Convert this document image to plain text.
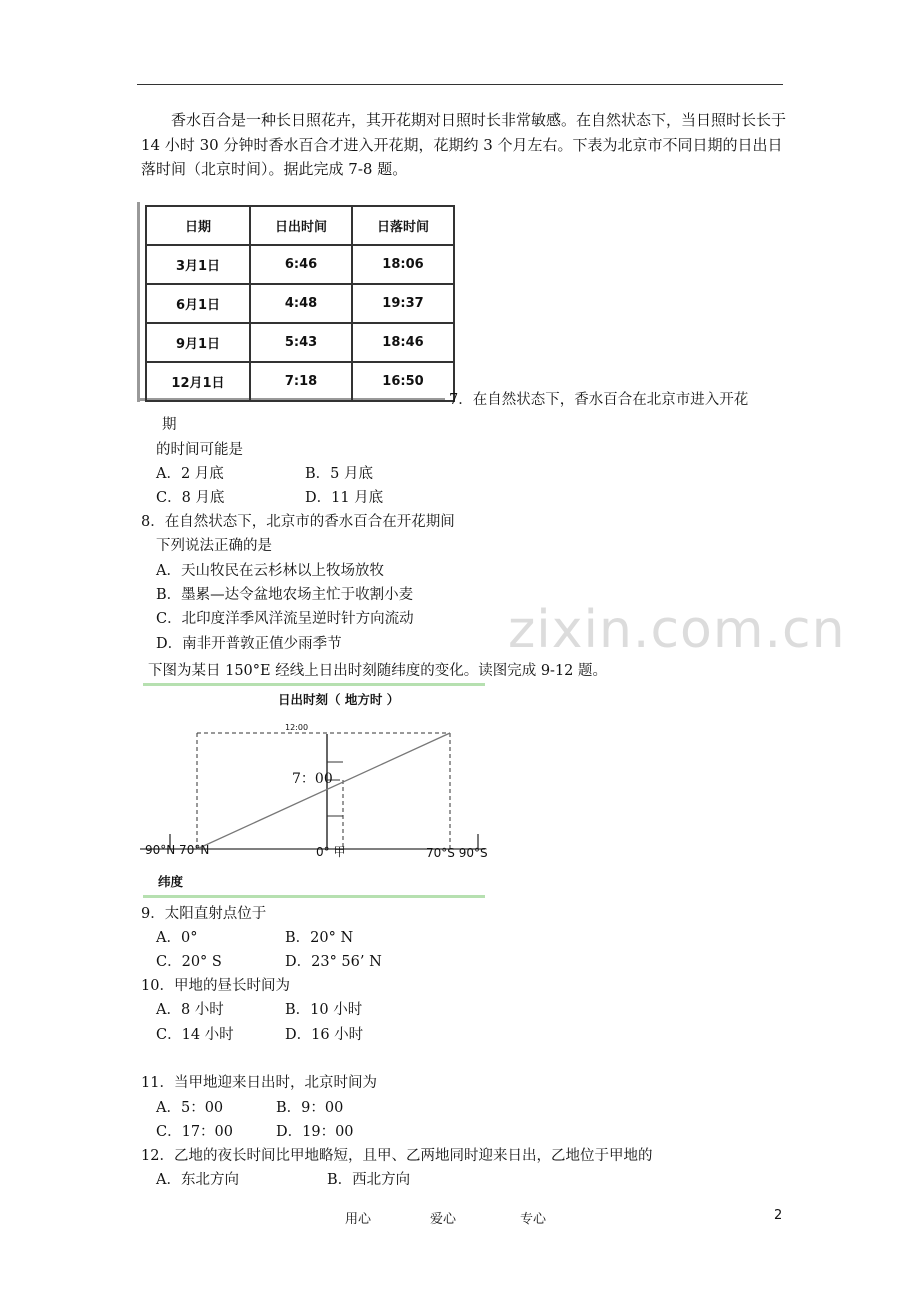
香水百合是一种长日照花卉，其开花期对日照时长非常敏感。在自然状态下，当日照时长长于 14 小时 30 分钟时香水百合才进入开花期，花期约 3 个月左右。下表为北京市不同日期的日出日落时间（北京时间）。据此完成 7-8 题。
日期	日出时间	日落时间
3月1日	6:46	18:06
6月1日	4:48	19:37
9月1日	5:43	18:46
12月1日	7:18	16:50
7．在自然状态下，香水百合在北京市进入开花
期
的时间可能是
A．2 月底	B．5 月底
C．8 月底	D．11 月底
8．在自然状态下，北京市的香水百合在开花期间
下列说法正确的是
A．天山牧民在云杉林以上牧场放牧
B．墨累—达令盆地农场主忙于收割小麦
C．北印度洋季风洋流呈逆时针方向流动
D．南非开普敦正值少雨季节	zixin.com.cn
下图为某日 150°E 经线上日出时刻随纬度的变化。读图完成 9-12 题。
日出时刻（ 地方时 ）
12:00
7：00
90°N 70°N	0° 甲	70°S 90°S
纬度
9．太阳直射点位于
A．0°	B．20° N
C．20° S	D．23° 56’ N
10．甲地的昼长时间为
A．8 小时	B．10 小时
C．14 小时	D．16 小时
11．当甲地迎来日出时，北京时间为
A．5：00	B．9：00
C．17：00	D．19：00
12．乙地的夜长时间比甲地略短，且甲、乙两地同时迎来日出，乙地位于甲地的
A．东北方向	B．西北方向
用心	爱心	专心	2
